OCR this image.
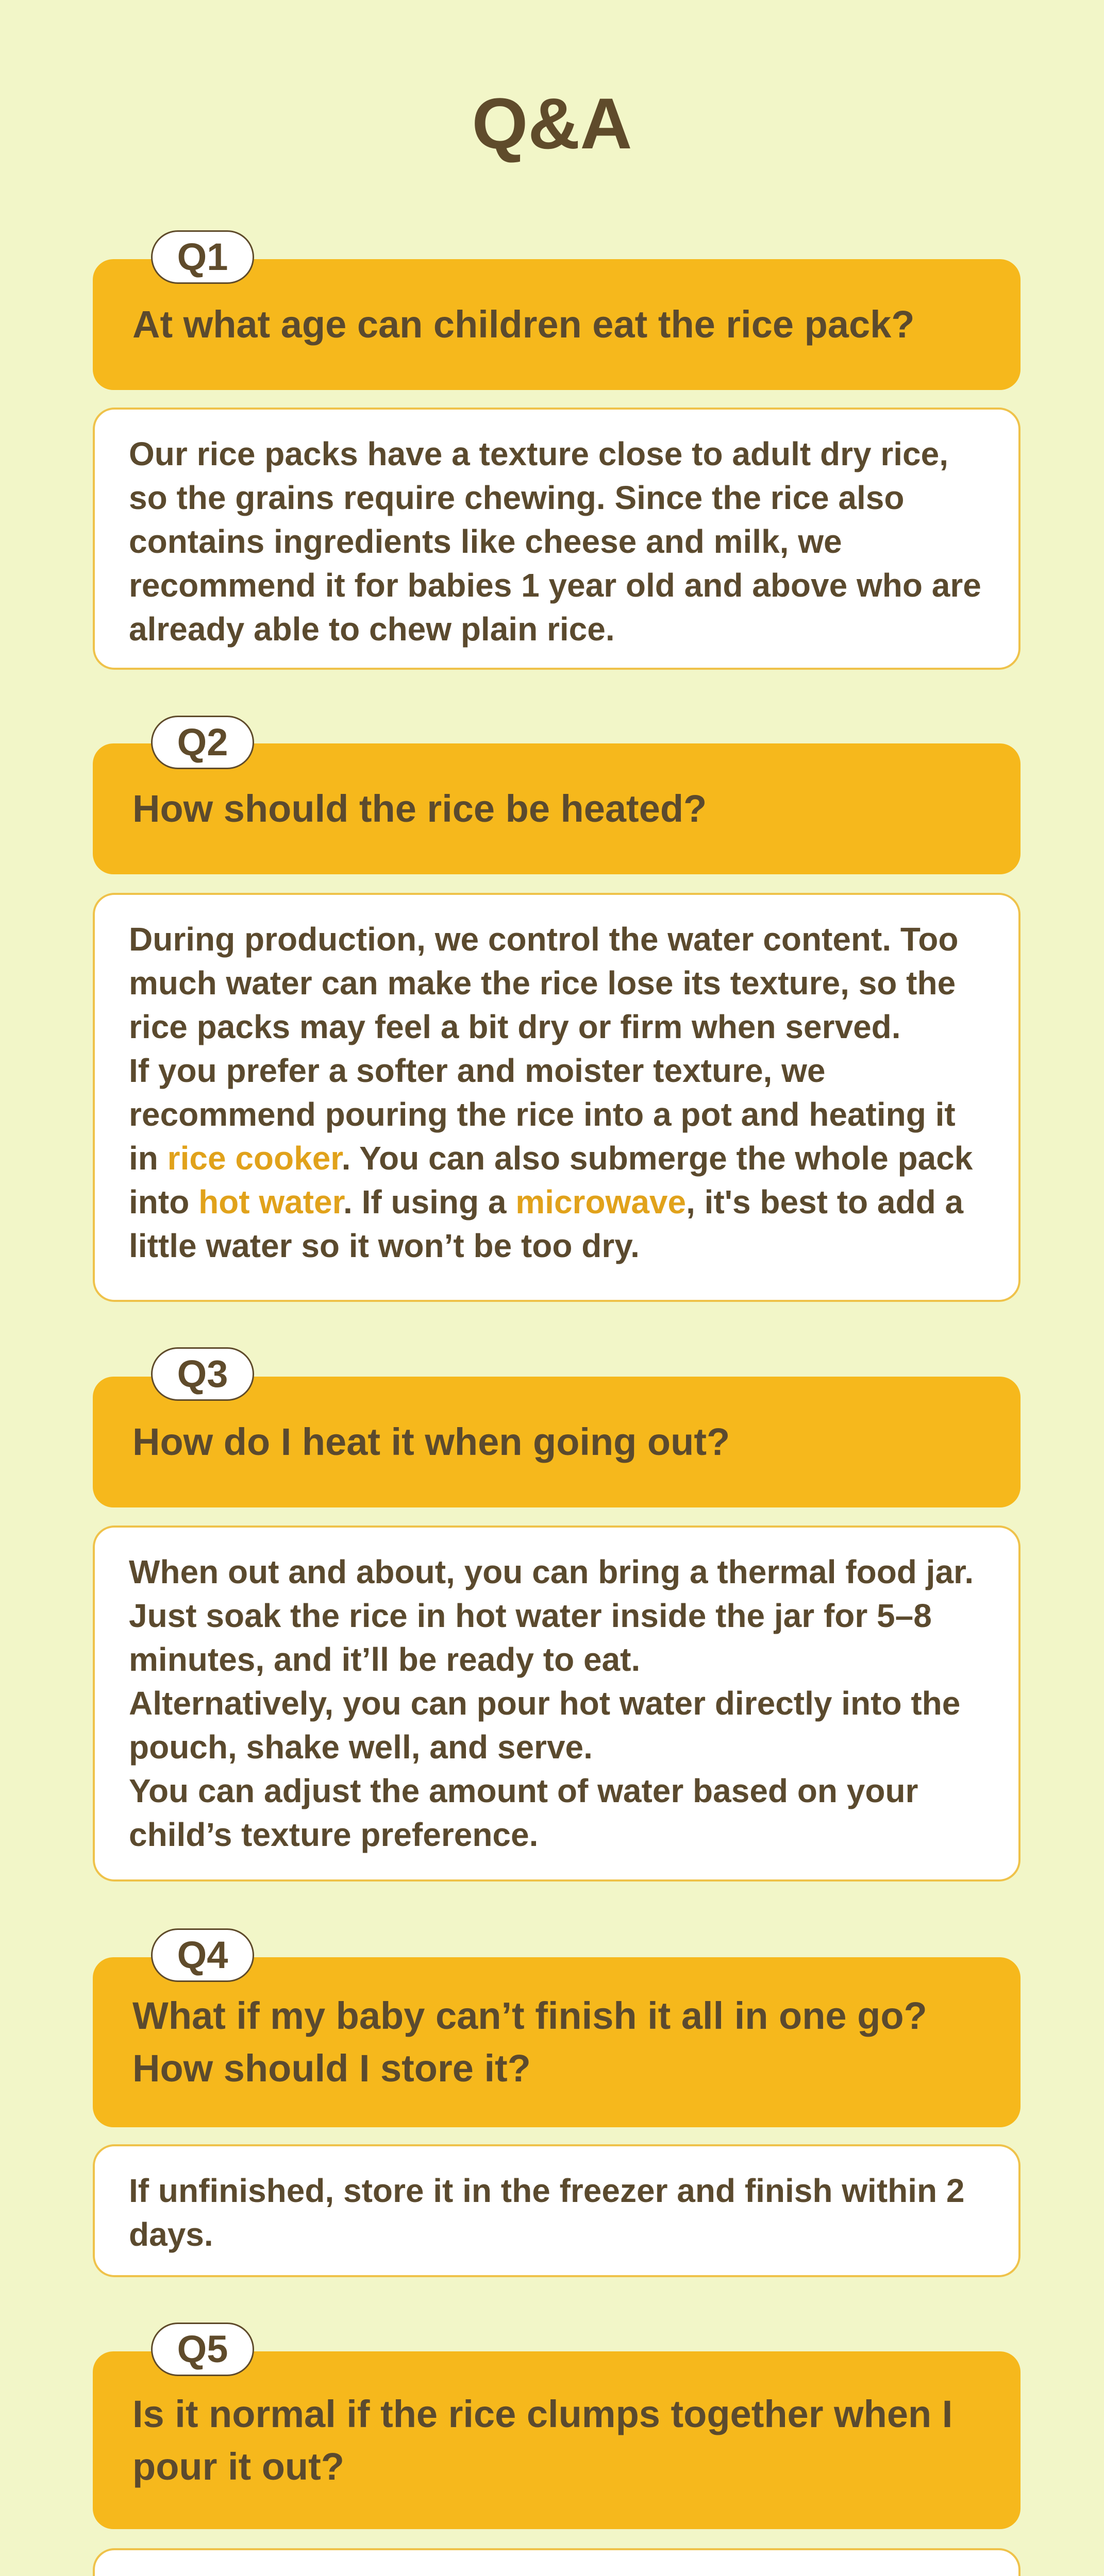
Q&A
Q1
At what age can children eat the rice pack?

Our rice packs have a texture close to adult dry rice, so the grains require chewing. Since the rice also contains ingredients like cheese and milk, we recommend it for babies 1 year old and above who are already able to chew plain rice.

Q2
How should the rice be heated?

During production, we control the water content. Too much water can make the rice lose its texture, so the rice packs may feel a bit dry or firm when served.

If you prefer a softer and moister texture, we recommend pouring the rice into a pot and heating it in rice cooker. You can also submerge the whole pack into hot water. If using a microwave, it's best to add a little water so it won’t be too dry.

Q3
How do I heat it when going out?

When out and about, you can bring a thermal food jar. Just soak the rice in hot water inside the jar for 5–8 minutes, and it’ll be ready to eat.

Alternatively, you can pour hot water directly into the pouch, shake well, and serve.

You can adjust the amount of water based on your child’s texture preference.

Q4
What if my baby can’t finish it all in one go? How should I store it?

If unfinished, store it in the freezer and finish within 2 days.

Q5
Is it normal if the rice clumps together when I pour it out?
